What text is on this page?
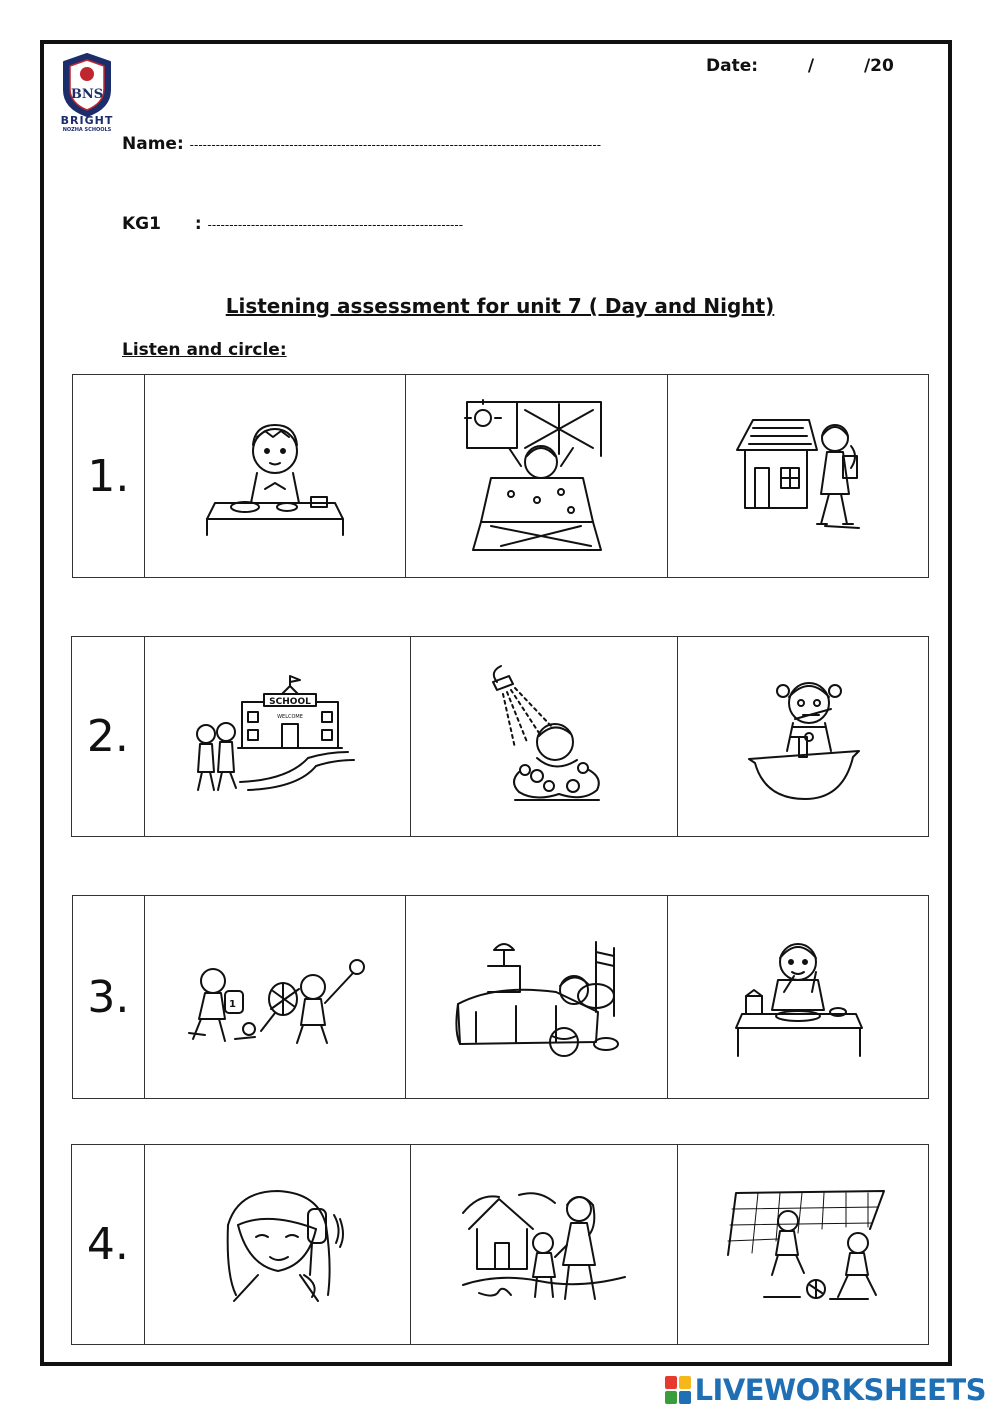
BNS
BRIGHT
NOZHA SCHOOLS
Date:	/	/20
Name: -----------------------------------------------------------------------------------------------
KG1 : -----------------------------------------------------------
Listening assessment for unit 7 ( Day and Night)
Listen and circle:
1.
2.
SCHOOL
WELCOME
3.	1
4.
LIVEWORKSHEETS
